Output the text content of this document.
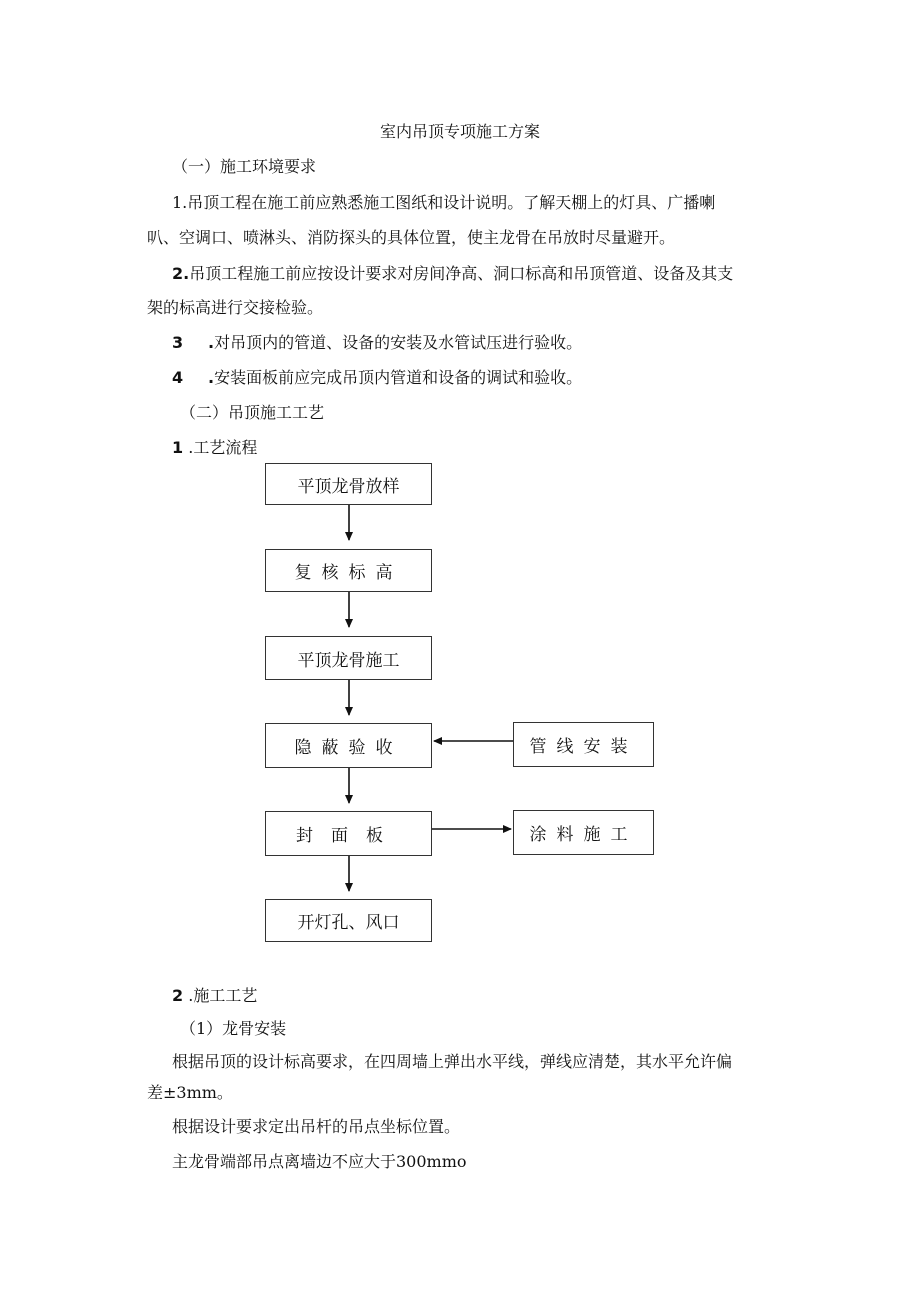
室内吊顶专项施工方案
（一）施工环境要求
1.吊顶工程在施工前应熟悉施工图纸和设计说明。了解天棚上的灯具、广播喇
叭、空调口、喷淋头、消防探头的具体位置，使主龙骨在吊放时尽量避开。
2.吊顶工程施工前应按设计要求对房间净高、洞口标高和吊顶管道、设备及其支
架的标高进行交接检验。
3.对吊顶内的管道、设备的安装及水管试压进行验收。
4.安装面板前应完成吊顶内管道和设备的调试和验收。
（二）吊顶施工工艺
1 .工艺流程
平顶龙骨放样
复核标高
平顶龙骨施工
隐蔽验收	管线安装
封面板	涂料施工
开灯孔、风口
2 .施工工艺
（1）龙骨安装
根据吊顶的设计标高要求，在四周墙上弹出水平线，弹线应清楚，其水平允许偏
差±3mm。
根据设计要求定出吊杆的吊点坐标位置。
主龙骨端部吊点离墙边不应大于300mmo
